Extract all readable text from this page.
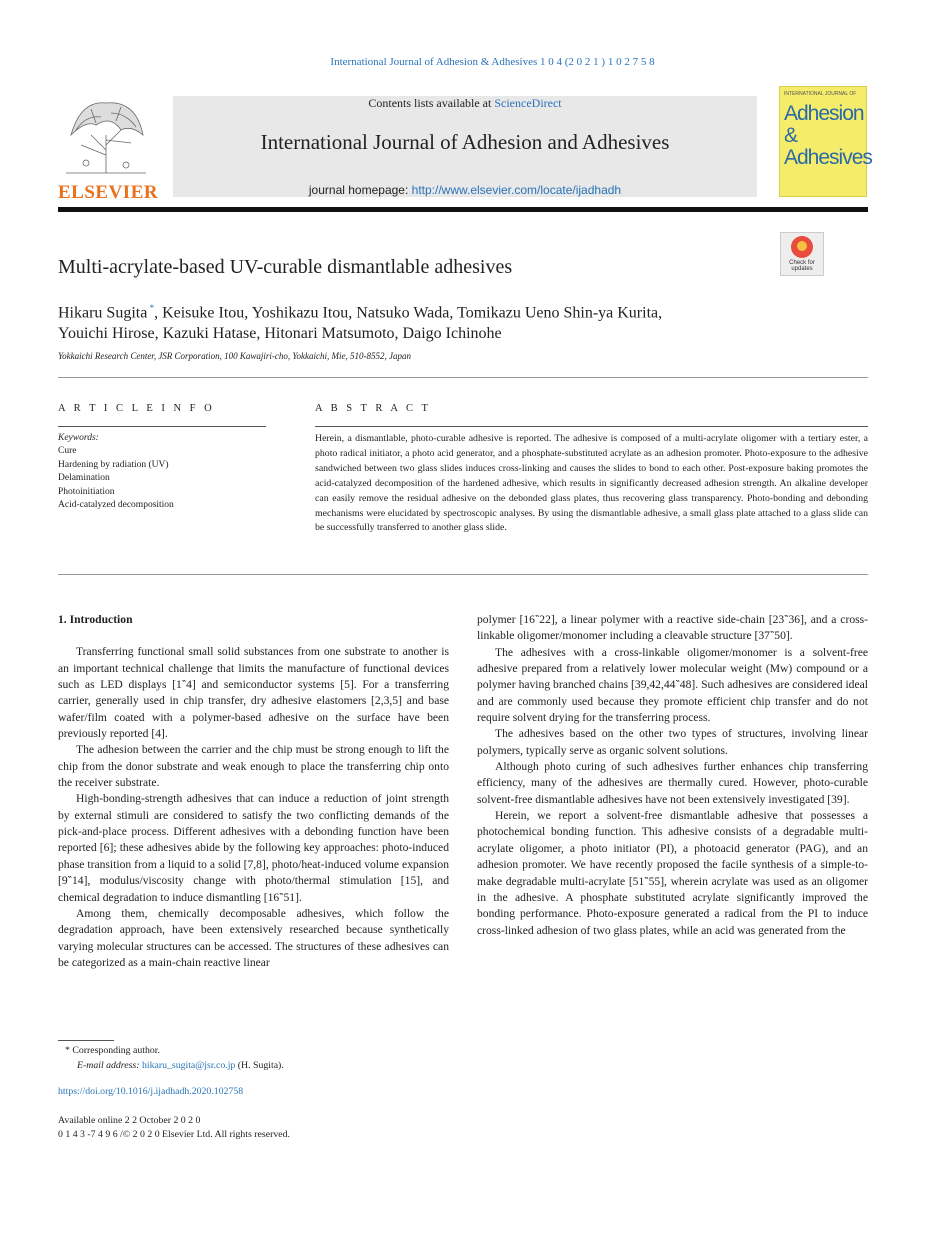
International Journal of Adhesion & Adhesives 1 0 4 (2 0 2 1 ) 1 0 2 7 5 8
ELSEVIER
Contents lists available at ScienceDirect
International Journal of Adhesion and Adhesives
journal homepage: http://www.elsevier.com/locate/ijadhadh
INTERNATIONAL JOURNAL OF
Adhesion & Adhesives
Check for updates
Multi-acrylate-based UV-curable dismantlable adhesives
Hikaru Sugita *, Keisuke Itou, Yoshikazu Itou, Natsuko Wada, Tomikazu Ueno Shin-ya Kurita,
Youichi Hirose, Kazuki Hatase, Hitonari Matsumoto, Daigo Ichinohe
Yokkaichi Research Center, JSR Corporation, 100 Kawajiri-cho, Yokkaichi, Mie, 510-8552, Japan
A R T I C L E I N F O	A B S T R A C T
Keywords:
Cure
Hardening by radiation (UV)
Delamination
Photoinitiation
Acid-catalyzed decomposition
Herein, a dismantlable, photo-curable adhesive is reported. The adhesive is composed of a multi-acrylate oligomer with a tertiary ester, a photo radical initiator, a photo acid generator, and a phosphate-substituted acrylate as an adhesion promoter. Photo-exposure to the adhesive sandwiched between two glass slides induces cross-linking and causes the slides to bond to each other. Post-exposure baking promotes the acid-catalyzed decomposition of the hardened adhesive, which results in significantly decreased adhesion strength. An alkaline developer can easily remove the residual adhesive on the debonded glass plates, thus recovering glass transparency. Photo-bonding and debonding mechanisms were elucidated by spectroscopic analyses. By using the dismantlable adhesive, a small glass plate attached to a glass slide can be successfully transferred to another glass slide.

1. Introduction

Transferring functional small solid substances from one substrate to another is an important technical challenge that limits the manufacture of functional devices such as LED displays [1‶4] and semiconductor systems [5]. For a transferring carrier, generally used in chip transfer, dry adhesive elastomers [2,3,5] and base wafer/film coated with a polymer-based adhesive on the surface have been previously reported [4].

The adhesion between the carrier and the chip must be strong enough to lift the chip from the donor substrate and weak enough to place the transferring chip onto the receiver substrate.

High-bonding-strength adhesives that can induce a reduction of joint strength by external stimuli are considered to satisfy the two conflicting demands of the pick-and-place process. Different adhesives with a debonding function have been reported [6]; these adhesives abide by the following key approaches: photo-induced phase transition from a liquid to a solid [7,8], photo/heat-induced volume expansion [9‶14], modulus/viscosity change with photo/thermal stimulation [15], and chemical degradation to induce dismantling [16‶51].

Among them, chemically decomposable adhesives, which follow the degradation approach, have been extensively researched because synthetically varying molecular structures can be accessed. The structures of these adhesives can be categorized as a main-chain reactive linear

polymer [16‶22], a linear polymer with a reactive side-chain [23‶36], and a cross-linkable oligomer/monomer including a cleavable structure [37‶50].

The adhesives with a cross-linkable oligomer/monomer is a solvent-free adhesive prepared from a relatively lower molecular weight (Mw) compound or a polymer having branched chains [39,42,44‶48]. Such adhesives are considered ideal and are commonly used because they promote efficient chip transfer and do not require solvent drying for the transferring process.

The adhesives based on the other two types of structures, involving linear polymers, typically serve as organic solvent solutions.

Although photo curing of such adhesives further enhances chip transferring efficiency, many of the adhesives are thermally cured. However, photo-curable solvent-free dismantlable adhesives have not been extensively investigated [39].

Herein, we report a solvent-free dismantlable adhesive that possesses a photochemical bonding function. This adhesive consists of a degradable multi-acrylate oligomer, a photo initiator (PI), a photoacid generator (PAG), and an adhesion promoter. We have recently proposed the facile synthesis of a simple-to-make degradable multi-acrylate [51‶55], wherein acrylate was used as an oligomer in the adhesive. A phosphate substituted acrylate significantly improved the bonding performance. Photo-exposure generated a radical from the PI to induce cross-linked adhesion of two glass plates, while an acid was generated from the

* Corresponding author.
E-mail address: hikaru_sugita@jsr.co.jp (H. Sugita).
https://doi.org/10.1016/j.ijadhadh.2020.102758
Available online 2 2 October 2 0 2 0
0 1 4 3 -7 4 9 6 /© 2 0 2 0 Elsevier Ltd. All rights reserved.
